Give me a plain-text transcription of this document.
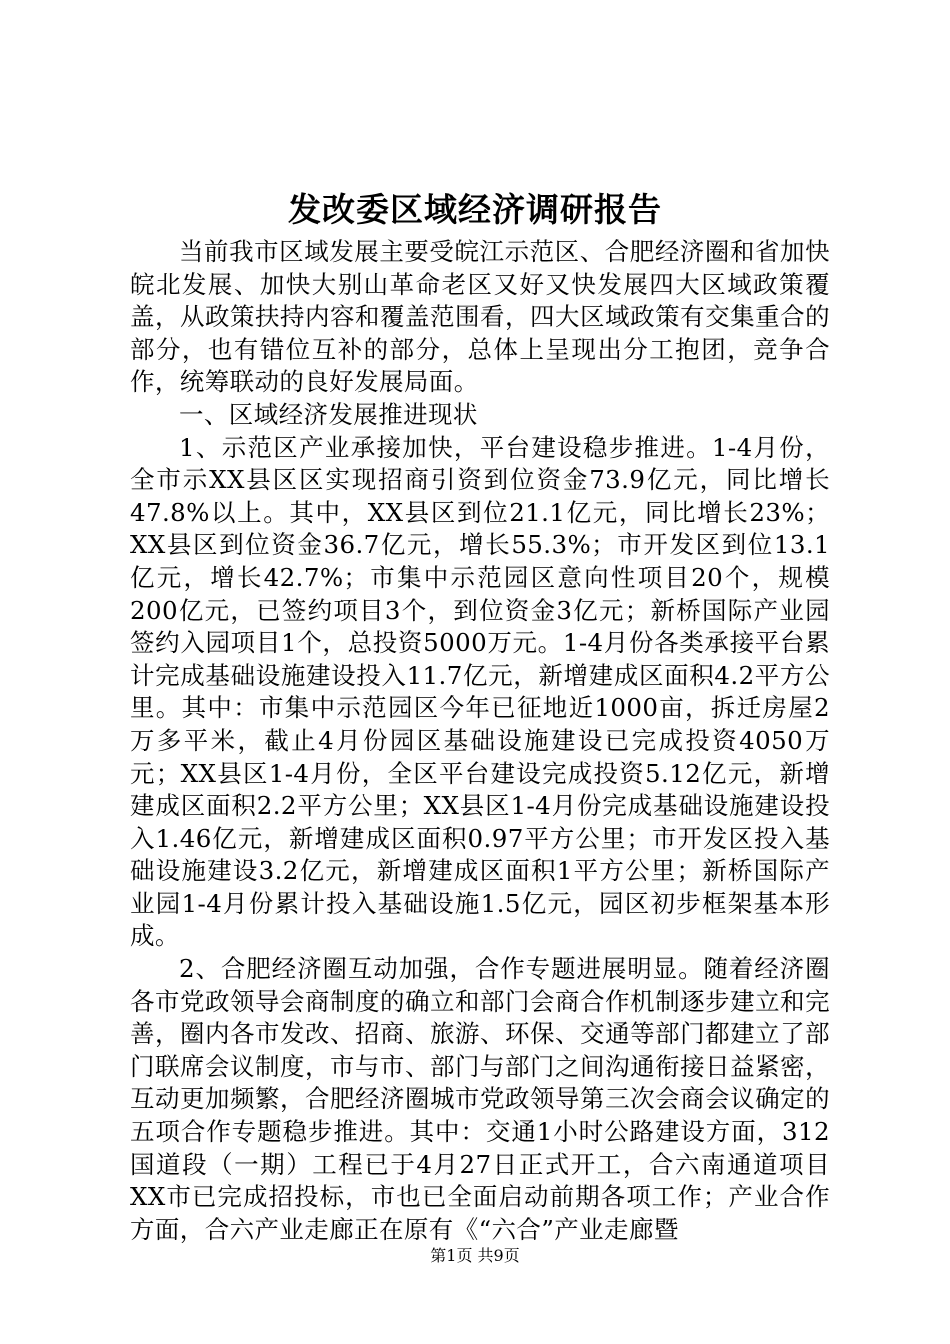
发改委区域经济调研报告

当前我市区域发展主要受皖江示范区、合肥经济圈和省加快皖北发展、加快大别山革命老区又好又快发展四大区域政策覆盖，从政策扶持内容和覆盖范围看，四大区域政策有交集重合的部分，也有错位互补的部分，总体上呈现出分工抱团，竞争合作，统筹联动的良好发展局面。

一、区域经济发展推进现状

1、示范区产业承接加快，平台建设稳步推进。1-4月份，全市示XX县区区实现招商引资到位资金73.9亿元，同比增长47.8%以上。其中，XX县区到位21.1亿元，同比增长23%；XX县区到位资金36.7亿元，增长55.3%；市开发区到位13.1亿元，增长42.7%；市集中示范园区意向性项目20个，规模200亿元，已签约项目3个，到位资金3亿元；新桥国际产业园签约入园项目1个，总投资5000万元。1-4月份各类承接平台累计完成基础设施建设投入11.7亿元，新增建成区面积4.2平方公里。其中：市集中示范园区今年已征地近1000亩，拆迁房屋2万多平米，截止4月份园区基础设施建设已完成投资4050万元；XX县区1-4月份，全区平台建设完成投资5.12亿元，新增建成区面积2.2平方公里；XX县区1-4月份完成基础设施建设投入1.46亿元，新增建成区面积0.97平方公里；市开发区投入基础设施建设3.2亿元，新增建成区面积1平方公里；新桥国际产业园1-4月份累计投入基础设施1.5亿元，园区初步框架基本形成。

2、合肥经济圈互动加强，合作专题进展明显。随着经济圈各市党政领导会商制度的确立和部门会商合作机制逐步建立和完善，圈内各市发改、招商、旅游、环保、交通等部门都建立了部门联席会议制度，市与市、部门与部门之间沟通衔接日益紧密，互动更加频繁，合肥经济圈城市党政领导第三次会商会议确定的五项合作专题稳步推进。其中：交通1小时公路建设方面，312国道段（一期）工程已于4月27日正式开工，合六南通道项目XX市已完成招投标，市也已全面启动前期各项工作；产业合作方面，合六产业走廊正在原有《“六合”产业走廊暨

第1页 共9页
